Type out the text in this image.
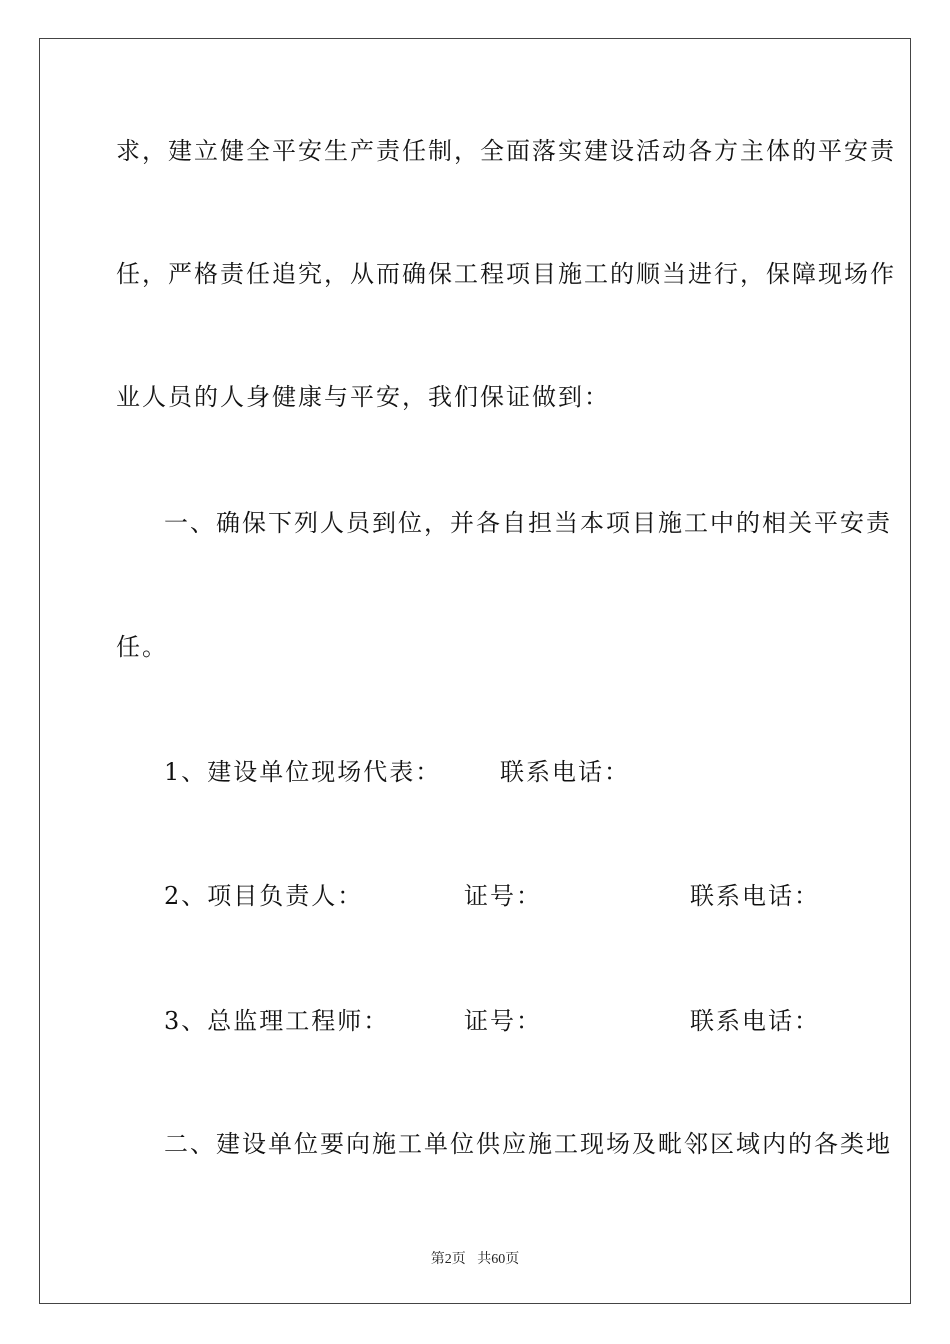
求，建立健全平安生产责任制，全面落实建设活动各方主体的平安责
任，严格责任追究，从而确保工程项目施工的顺当进行，保障现场作
业人员的人身健康与平安，我们保证做到：
一、确保下列人员到位，并各自担当本项目施工中的相关平安责
任。
1、建设单位现场代表： 联系电话：
2、项目负责人：	证号：	联系电话：
3、总监理工程师：	证号：	联系电话：
二、建设单位要向施工单位供应施工现场及毗邻区域内的各类地
第2页 共60页
